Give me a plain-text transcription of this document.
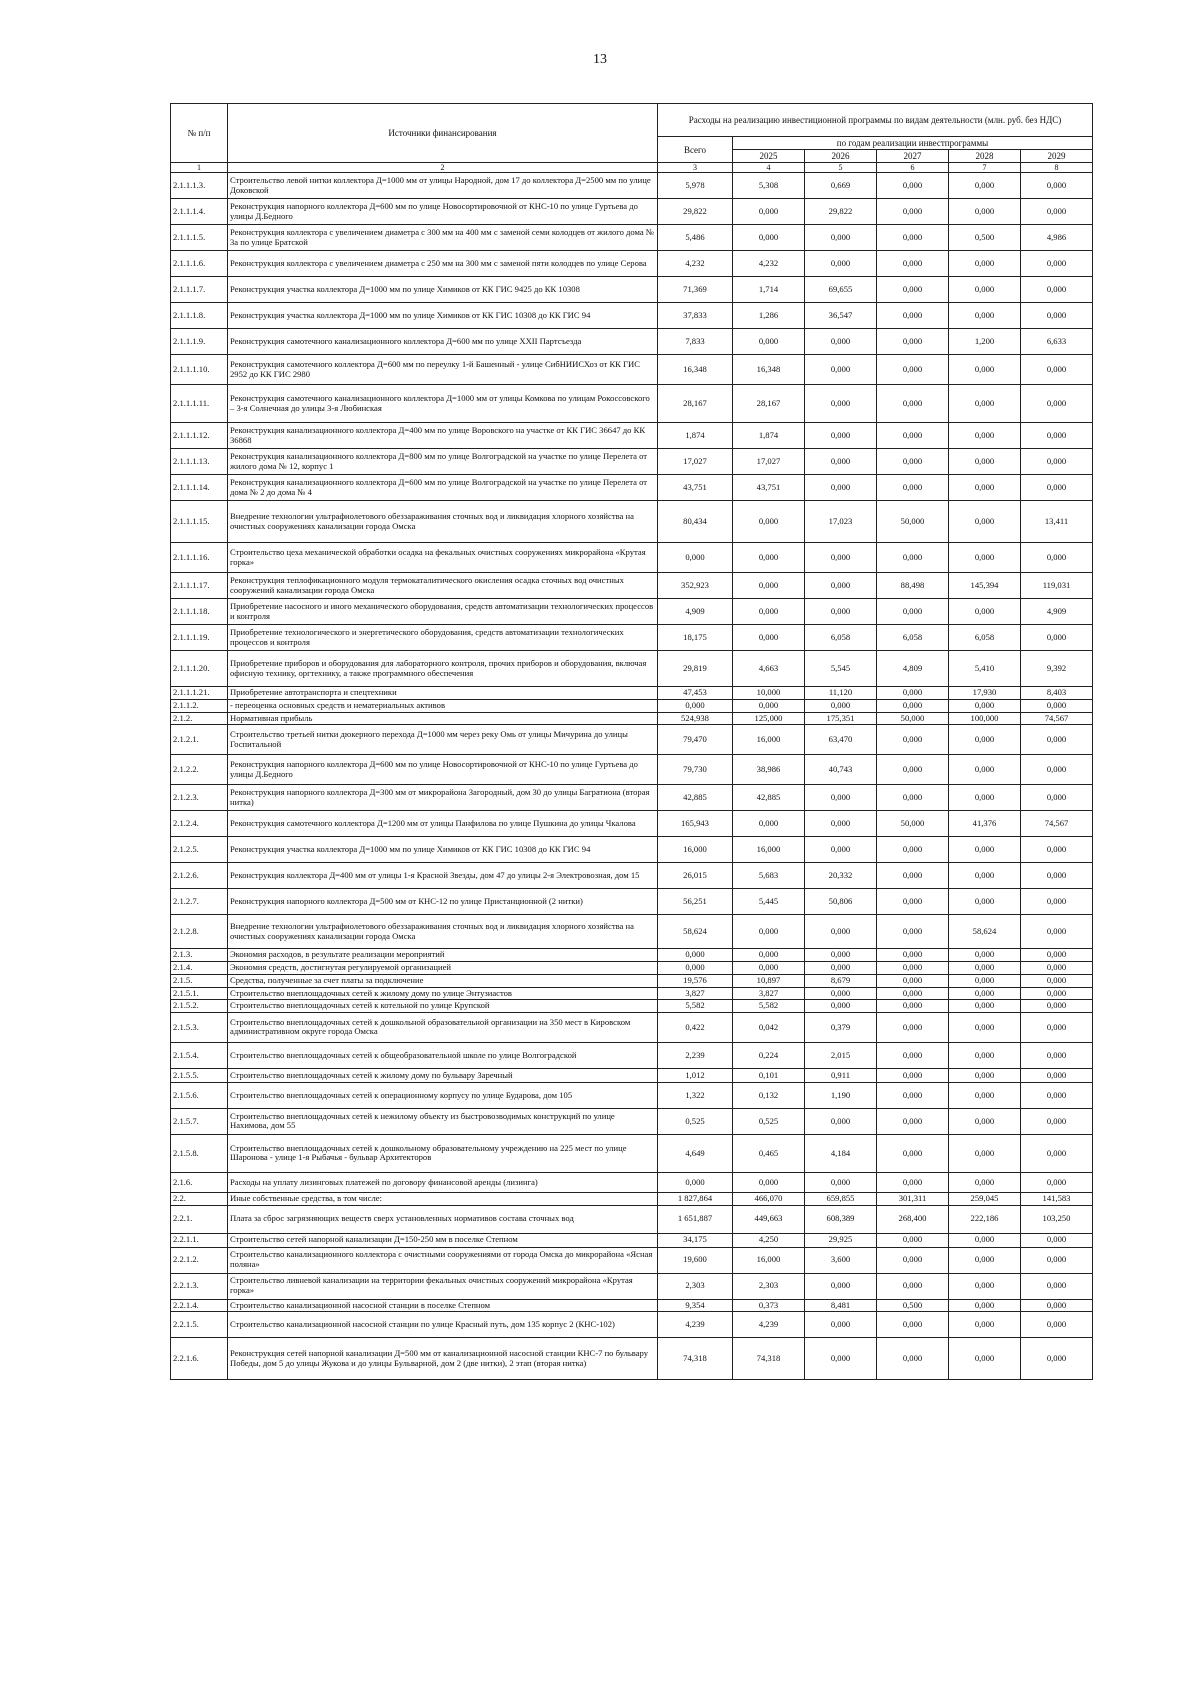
13
№ п/п	Источники финансирования	Расходы на реализацию инвестиционной программы по видам деятельности (млн. руб. без НДС)					
		Всего	по годам реализации инвестпрограммы				
			2025	2026	2027	2028	2029
1	2	3	4	5	6	7	8
2.1.1.1.3.	Строительство левой нитки коллектора Д=1000 мм от улицы Народной, дом 17 до коллектора Д=2500 мм по улице Доковской	5,978	5,308	0,669	0,000	0,000	0,000
2.1.1.1.4.	Реконструкция напорного коллектора Д=600 мм по улице Новосортировочной от КНС-10 по улице Гуртьева до улицы Д.Бедного	29,822	0,000	29,822	0,000	0,000	0,000
2.1.1.1.5.	Реконструкция коллектора с увеличением диаметра с 300 мм на 400 мм с заменой семи колодцев от жилого дома № 3а по улице Братской	5,486	0,000	0,000	0,000	0,500	4,986
2.1.1.1.6.	Реконструкция коллектора с увеличением диаметра с 250 мм на 300 мм с заменой пяти колодцев по улице Серова	4,232	4,232	0,000	0,000	0,000	0,000
2.1.1.1.7.	Реконструкция участка коллектора Д=1000 мм по улице Химиков от КК ГИС 9425 до КК 10308	71,369	1,714	69,655	0,000	0,000	0,000
2.1.1.1.8.	Реконструкция участка коллектора Д=1000 мм по улице Химиков от КК ГИС 10308 до КК ГИС 94	37,833	1,286	36,547	0,000	0,000	0,000
2.1.1.1.9.	Реконструкция самотечного канализационного коллектора Д=600 мм по улице XXII Партсъезда	7,833	0,000	0,000	0,000	1,200	6,633
2.1.1.1.10.	Реконструкция самотечного коллектора Д=600 мм по переулку 1-й Башенный - улице СибНИИСХоз от КК ГИС 2952 до КК ГИС 2980	16,348	16,348	0,000	0,000	0,000	0,000
2.1.1.1.11.	Реконструкция самотечного канализационного коллектора Д=1000 мм от улицы Комкова по улицам Рокоссовского – 3-я Солнечная до улицы 3-я Любинская	28,167	28,167	0,000	0,000	0,000	0,000
2.1.1.1.12.	Реконструкция канализационного коллектора Д=400 мм по улице Воровского на участке от КК ГИС 36647 до КК 36868	1,874	1,874	0,000	0,000	0,000	0,000
2.1.1.1.13.	Реконструкция канализационного коллектора Д=800 мм по улице Волгоградской на участке по улице Перелета от жилого дома № 12, корпус 1	17,027	17,027	0,000	0,000	0,000	0,000
2.1.1.1.14.	Реконструкция канализационного коллектора Д=600 мм по улице Волгоградской на участке по улице Перелета от дома № 2 до дома № 4	43,751	43,751	0,000	0,000	0,000	0,000
2.1.1.1.15.	Внедрение технологии ультрафиолетового обеззараживания сточных вод и ликвидация хлорного хозяйства на очистных сооружениях канализации города Омска	80,434	0,000	17,023	50,000	0,000	13,411
2.1.1.1.16.	Строительство цеха механической обработки осадка на фекальных очистных сооружениях микрорайона «Крутая горка»	0,000	0,000	0,000	0,000	0,000	0,000
2.1.1.1.17.	Реконструкция теплофикационного модуля термокаталитического окисления осадка сточных вод очистных сооружений канализации города Омска	352,923	0,000	0,000	88,498	145,394	119,031
2.1.1.1.18.	Приобретение насосного и иного механического оборудования, средств автоматизации технологических процессов и контроля	4,909	0,000	0,000	0,000	0,000	4,909
2.1.1.1.19.	Приобретение технологического и энергетического оборудования, средств автоматизации технологических процессов и контроля	18,175	0,000	6,058	6,058	6,058	0,000
2.1.1.1.20.	Приобретение приборов и оборудования для лабораторного контроля, прочих приборов и оборудования, включая офисную технику, оргтехнику, а также программного обеспечения	29,819	4,663	5,545	4,809	5,410	9,392
2.1.1.1.21.	Приобретение автотранспорта и спецтехники	47,453	10,000	11,120	0,000	17,930	8,403
2.1.1.2.	- переоценка основных средств и нематериальных активов	0,000	0,000	0,000	0,000	0,000	0,000
2.1.2.	Нормативная прибыль	524,938	125,000	175,351	50,000	100,000	74,567
2.1.2.1.	Строительство третьей нитки дюкерного перехода Д=1000 мм через реку Омь от улицы Мичурина до улицы Госпитальной	79,470	16,000	63,470	0,000	0,000	0,000
2.1.2.2.	Реконструкция напорного коллектора Д=600 мм по улице Новосортировочной от КНС-10 по улице Гуртьева до улицы Д.Бедного	79,730	38,986	40,743	0,000	0,000	0,000
2.1.2.3.	Реконструкция напорного коллектора Д=300 мм от микрорайона Загородный, дом 30 до улицы Багратиона (вторая нитка)	42,885	42,885	0,000	0,000	0,000	0,000
2.1.2.4.	Реконструкция самотечного коллектора Д=1200 мм от улицы Панфилова по улице Пушкина до улицы Чкалова	165,943	0,000	0,000	50,000	41,376	74,567
2.1.2.5.	Реконструкция участка коллектора Д=1000 мм по улице Химиков от КК ГИС 10308 до КК ГИС 94	16,000	16,000	0,000	0,000	0,000	0,000
2.1.2.6.	Реконструкция коллектора Д=400 мм от улицы 1-я Красной Звезды, дом 47 до улицы 2-я Электровозная, дом 15	26,015	5,683	20,332	0,000	0,000	0,000
2.1.2.7.	Реконструкция напорного коллектора Д=500 мм от КНС-12 по улице Пристанционной (2 нитки)	56,251	5,445	50,806	0,000	0,000	0,000
2.1.2.8.	Внедрение технологии ультрафиолетового обеззараживания сточных вод и ликвидация хлорного хозяйства на очистных сооружениях канализации города Омска	58,624	0,000	0,000	0,000	58,624	0,000
2.1.3.	Экономия расходов, в результате реализации мероприятий	0,000	0,000	0,000	0,000	0,000	0,000
2.1.4.	Экономия средств, достигнутая регулируемой организацией	0,000	0,000	0,000	0,000	0,000	0,000
2.1.5.	Средства, полученные за счет платы за подключение	19,576	10,897	8,679	0,000	0,000	0,000
2.1.5.1.	Строительство внеплощадочных сетей к жилому дому по улице Энтузиастов	3,827	3,827	0,000	0,000	0,000	0,000
2.1.5.2.	Строительство внеплощадочных сетей к котельной по улице Крупской	5,582	5,582	0,000	0,000	0,000	0,000
2.1.5.3.	Строительство внеплощадочных сетей к дошкольной образовательной организации на 350 мест в Кировском административном округе города Омска	0,422	0,042	0,379	0,000	0,000	0,000
2.1.5.4.	Строительство внеплощадочных сетей к общеобразовательной школе по улице Волгоградской	2,239	0,224	2,015	0,000	0,000	0,000
2.1.5.5.	Строительство внеплощадочных сетей к жилому дому по бульвару Заречный	1,012	0,101	0,911	0,000	0,000	0,000
2.1.5.6.	Строительство внеплощадочных сетей к операционному корпусу по улице Бударова, дом 105	1,322	0,132	1,190	0,000	0,000	0,000
2.1.5.7.	Строительство внеплощадочных сетей к нежилому объекту из быстровозводимых конструкций по улице Нахимова, дом 55	0,525	0,525	0,000	0,000	0,000	0,000
2.1.5.8.	Строительство внеплощадочных сетей к дошкольному образовательному учреждению на 225 мест по улице Шаронова - улице 1-я Рыбачья - бульвар Архитекторов	4,649	0,465	4,184	0,000	0,000	0,000
2.1.6.	Расходы на уплату лизинговых платежей по договору финансовой аренды (лизинга)	0,000	0,000	0,000	0,000	0,000	0,000
2.2.	Иные собственные средства, в том числе:	1 827,864	466,070	659,855	301,311	259,045	141,583
2.2.1.	Плата за сброс загрязняющих веществ сверх установленных нормативов состава сточных вод	1 651,887	449,663	608,389	268,400	222,186	103,250
2.2.1.1.	Строительство сетей напорной канализации Д=150-250 мм в поселке Степном	34,175	4,250	29,925	0,000	0,000	0,000
2.2.1.2.	Строительство канализационного коллектора с очистными сооружениями от города Омска до микрорайона «Ясная поляна»	19,600	16,000	3,600	0,000	0,000	0,000
2.2.1.3.	Строительство ливневой канализации на территории фекальных очистных сооружений микрорайона «Крутая горка»	2,303	2,303	0,000	0,000	0,000	0,000
2.2.1.4.	Строительство канализационной насосной станции в поселке Степном	9,354	0,373	8,481	0,500	0,000	0,000
2.2.1.5.	Строительство канализационной насосной станции по улице Красный путь, дом 135 корпус 2 (КНС-102)	4,239	4,239	0,000	0,000	0,000	0,000
2.2.1.6.	Реконструкция сетей напорной канализации Д=500 мм от канализационной насосной станции КНС-7 по бульвару Победы, дом 5 до улицы Жукова и до улицы Бульварной, дом 2 (две нитки), 2 этап (вторая нитка)	74,318	74,318	0,000	0,000	0,000	0,000
